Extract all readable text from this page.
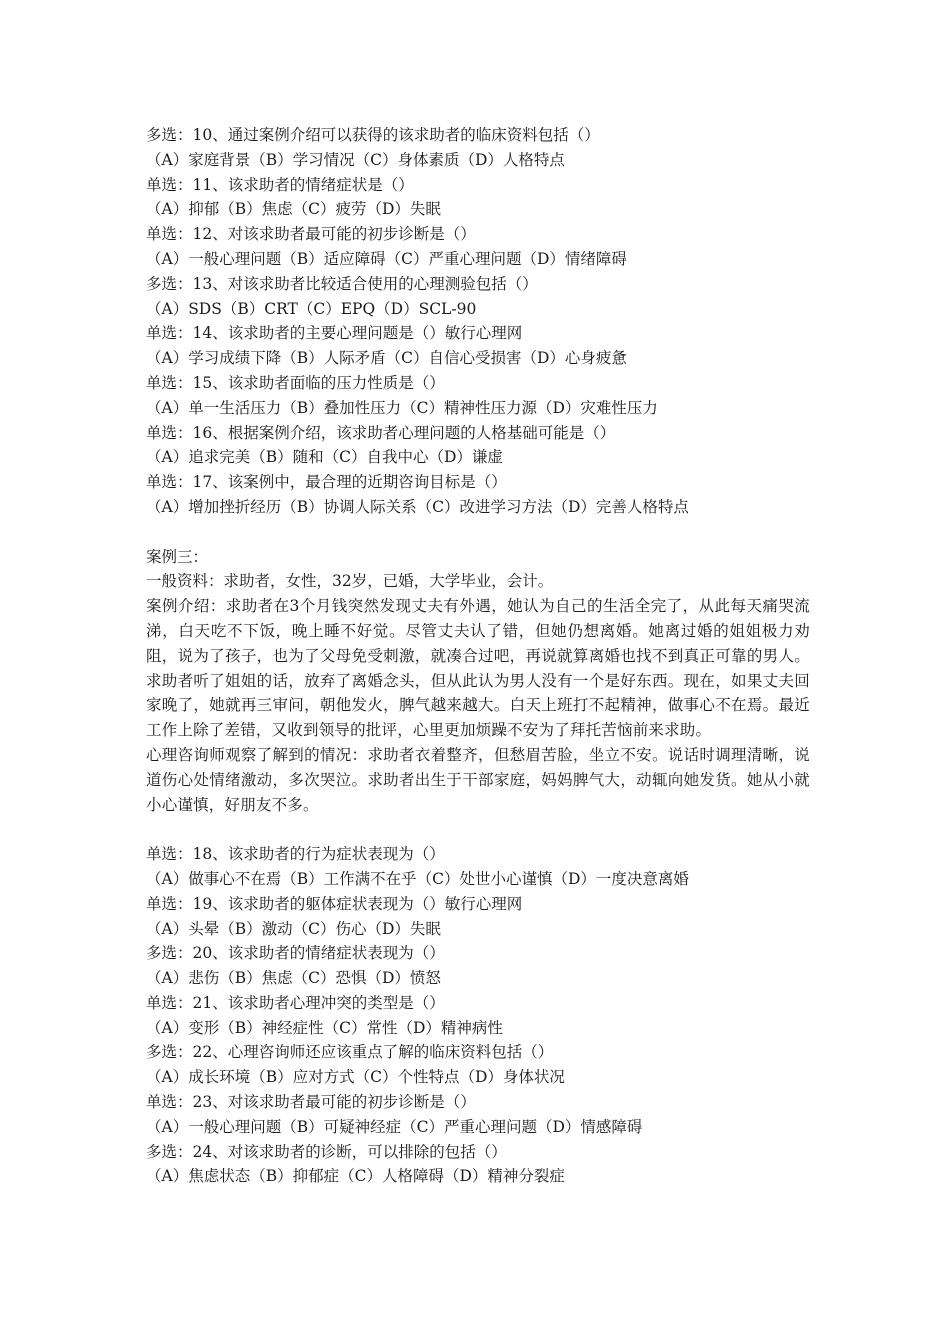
多选：10、通过案例介绍可以获得的该求助者的临床资料包括（）
（A）家庭背景（B）学习情况（C）身体素质（D）人格特点
单选：11、该求助者的情绪症状是（）
（A）抑郁（B）焦虑（C）疲劳（D）失眠
单选：12、对该求助者最可能的初步诊断是（）
（A）一般心理问题（B）适应障碍（C）严重心理问题（D）情绪障碍
多选：13、对该求助者比较适合使用的心理测验包括（）
（A）SDS（B）CRT（C）EPQ（D）SCL-90
单选：14、该求助者的主要心理问题是（）敏行心理网
（A）学习成绩下降（B）人际矛盾（C）自信心受损害（D）心身疲惫
单选：15、该求助者面临的压力性质是（）
（A）单一生活压力（B）叠加性压力（C）精神性压力源（D）灾难性压力
单选：16、根据案例介绍，该求助者心理问题的人格基础可能是（）
（A）追求完美（B）随和（C）自我中心（D）谦虚
单选：17、该案例中，最合理的近期咨询目标是（）
（A）增加挫折经历（B）协调人际关系（C）改进学习方法（D）完善人格特点
案例三：
一般资料：求助者，女性，32岁，已婚，大学毕业，会计。
案例介绍：求助者在3个月钱突然发现丈夫有外遇，她认为自己的生活全完了，从此每天痛哭流涕，白天吃不下饭，晚上睡不好觉。尽管丈夫认了错，但她仍想离婚。她离过婚的姐姐极力劝阻，说为了孩子，也为了父母免受刺激，就凑合过吧，再说就算离婚也找不到真正可靠的男人。求助者听了姐姐的话，放弃了离婚念头，但从此认为男人没有一个是好东西。现在，如果丈夫回家晚了，她就再三审问，朝他发火，脾气越来越大。白天上班打不起精神，做事心不在焉。最近工作上除了差错，又收到领导的批评，心里更加烦躁不安为了拜托苦恼前来求助。
心理咨询师观察了解到的情况：求助者衣着整齐，但愁眉苦脸，坐立不安。说话时调理清晰，说道伤心处情绪激动，多次哭泣。求助者出生于干部家庭，妈妈脾气大，动辄向她发货。她从小就小心谨慎，好朋友不多。
单选：18、该求助者的行为症状表现为（）
（A）做事心不在焉（B）工作满不在乎（C）处世小心谨慎（D）一度决意离婚
单选：19、该求助者的躯体症状表现为（）敏行心理网
（A）头晕（B）激动（C）伤心（D）失眠
多选：20、该求助者的情绪症状表现为（）
（A）悲伤（B）焦虑（C）恐惧（D）愤怒
单选：21、该求助者心理冲突的类型是（）
（A）变形（B）神经症性（C）常性（D）精神病性
多选：22、心理咨询师还应该重点了解的临床资料包括（）
（A）成长环境（B）应对方式（C）个性特点（D）身体状况
单选：23、对该求助者最可能的初步诊断是（）
（A）一般心理问题（B）可疑神经症（C）严重心理问题（D）情感障碍
多选：24、对该求助者的诊断，可以排除的包括（）
（A）焦虑状态（B）抑郁症（C）人格障碍（D）精神分裂症
